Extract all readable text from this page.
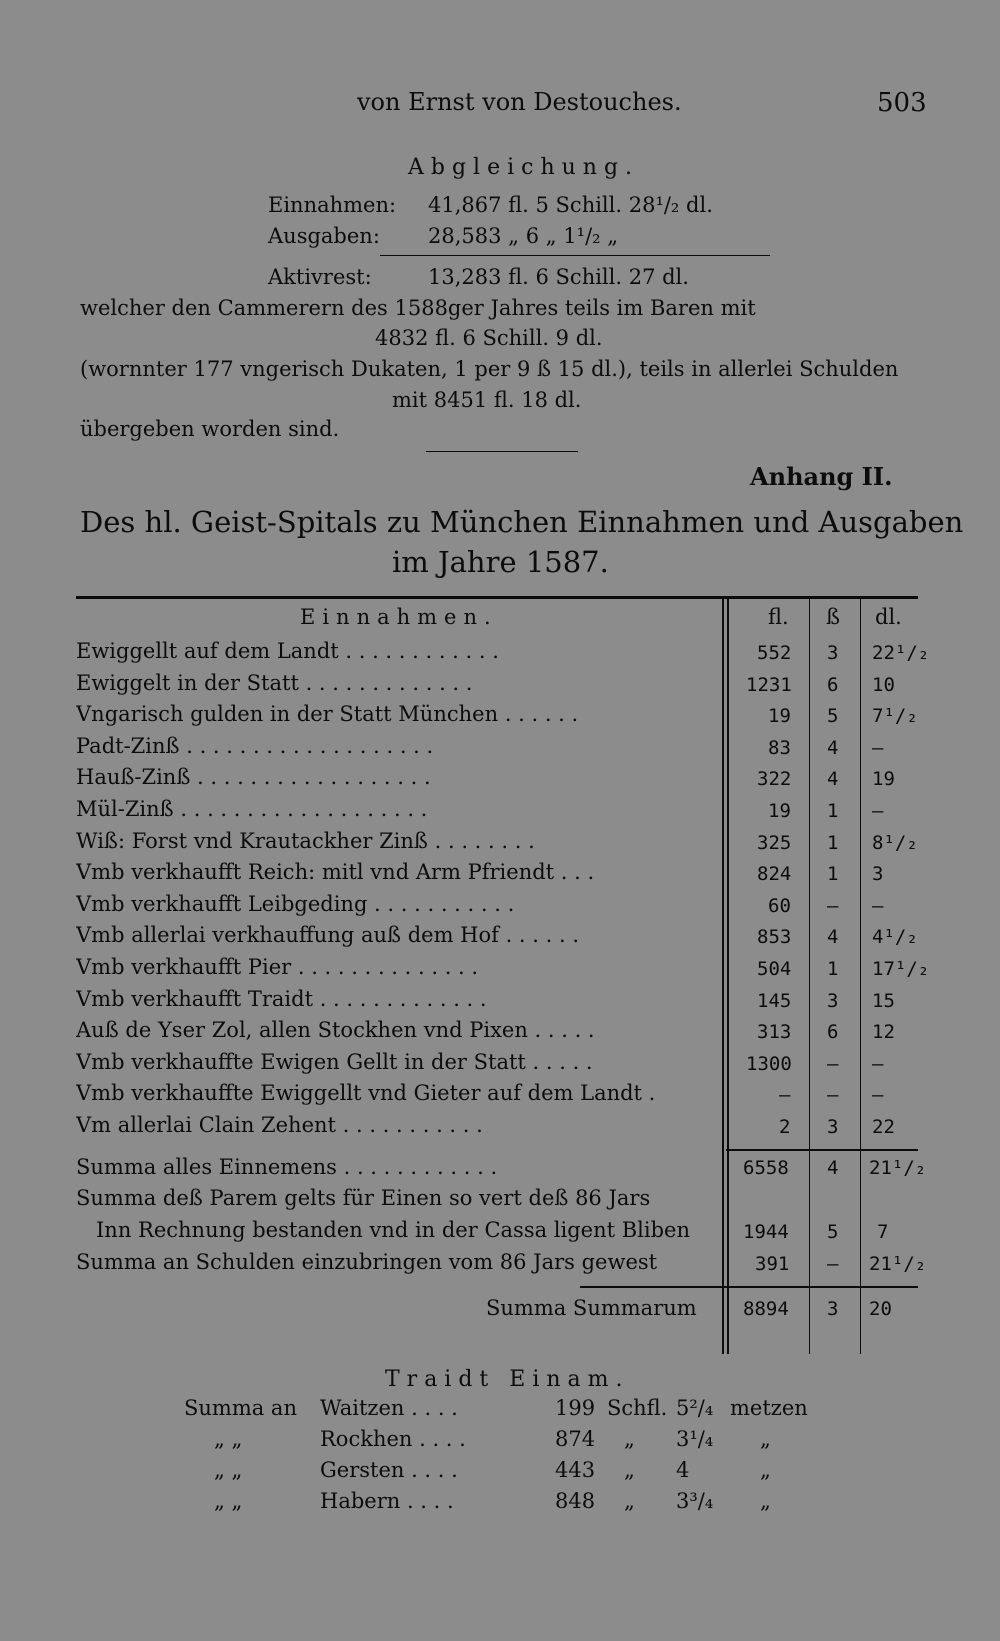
von Ernst von Destouches.	503
Abgleichung.
Einnahmen: 41,867 fl. 5 Schill. 28¹/₂ dl.
Ausgaben: 28,583 „ 6 „ 1¹/₂ „
Aktivrest:	13,283 fl. 6 Schill. 27 dl.
welcher den Cammerern des 1588ger Jahres teils im Baren mit
4832 fl. 6 Schill. 9 dl.
(wornnter 177 vngerisch Dukaten, 1 per 9 ß 15 dl.), teils in allerlei Schulden
mit 8451 fl. 18 dl.
übergeben worden sind.
Anhang II.
Des hl. Geist-Spitals zu München Einnahmen und Ausgaben
im Jahre 1587.
Einnahmen.	fl. ß dl.
Ewiggellt auf dem Landt . . . . . . . . . . . .	552 3 22¹/₂
Ewiggelt in der Statt . . . . . . . . . . . . .	1231 6 10
Vngarisch gulden in der Statt München . . . . . .	19 5 7¹/₂
Padt-Zinß . . . . . . . . . . . . . . . . . . .	83 4 —
Hauß-Zinß . . . . . . . . . . . . . . . . . .	322 4 19
Mül-Zinß . . . . . . . . . . . . . . . . . . .	19 1 —
Wiß: Forst vnd Krautackher Zinß . . . . . . . .	325 1 8¹/₂
Vmb verkhaufft Reich: mitl vnd Arm Pfriendt . . .	824 1 3
Vmb verkhaufft Leibgeding . . . . . . . . . . .	60 — —
Vmb allerlai verkhauffung auß dem Hof . . . . . .	853 4 4¹/₂
Vmb verkhaufft Pier . . . . . . . . . . . . . .	504 1 17¹/₂
Vmb verkhaufft Traidt . . . . . . . . . . . . .	145 3 15
Auß de Yser Zol, allen Stockhen vnd Pixen . . . . .	313 6 12
Vmb verkhauffte Ewigen Gellt in der Statt . . . . .	1300 — —
Vmb verkhauffte Ewiggellt vnd Gieter auf dem Landt .	— — —
Vm allerlai Clain Zehent . . . . . . . . . . .	2 3 22
Summa alles Einnemens . . . . . . . . . . . .	6558 4 21¹/₂
Summa deß Parem gelts für Einen so vert deß 86 Jars
Inn Rechnung bestanden vnd in der Cassa ligent Bliben	1944 5 7
Summa an Schulden einzubringen vom 86 Jars gewest	391 — 21¹/₂
Summa Summarum 8894 3 20
Traidt Einam.
Summa an Waitzen . . . .	199 Schfl. 5²/₄ metzen
„ „	Rockhen . . . .	874 „ 3¹/₄ „
„ „	Gersten . . . .	443 „ 4	„
„ „	Habern . . . .	848 „ 3³/₄ „
